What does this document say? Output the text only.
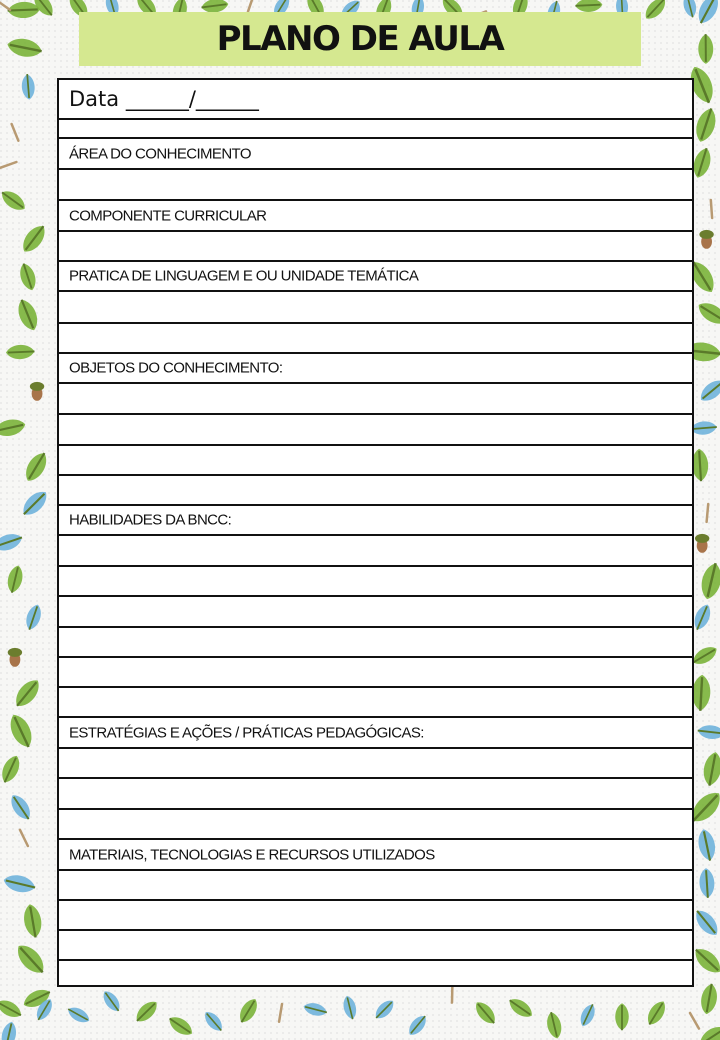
PLANO DE AULA
Data ______/______
ÁREA DO CONHECIMENTO
COMPONENTE CURRICULAR
PRATICA DE LINGUAGEM E OU UNIDADE TEMÁTICA
OBJETOS DO CONHECIMENTO:
HABILIDADES DA BNCC:
ESTRATÉGIAS E AÇÕES / PRÁTICAS PEDAGÓGICAS:
MATERIAIS, TECNOLOGIAS E RECURSOS UTILIZADOS
